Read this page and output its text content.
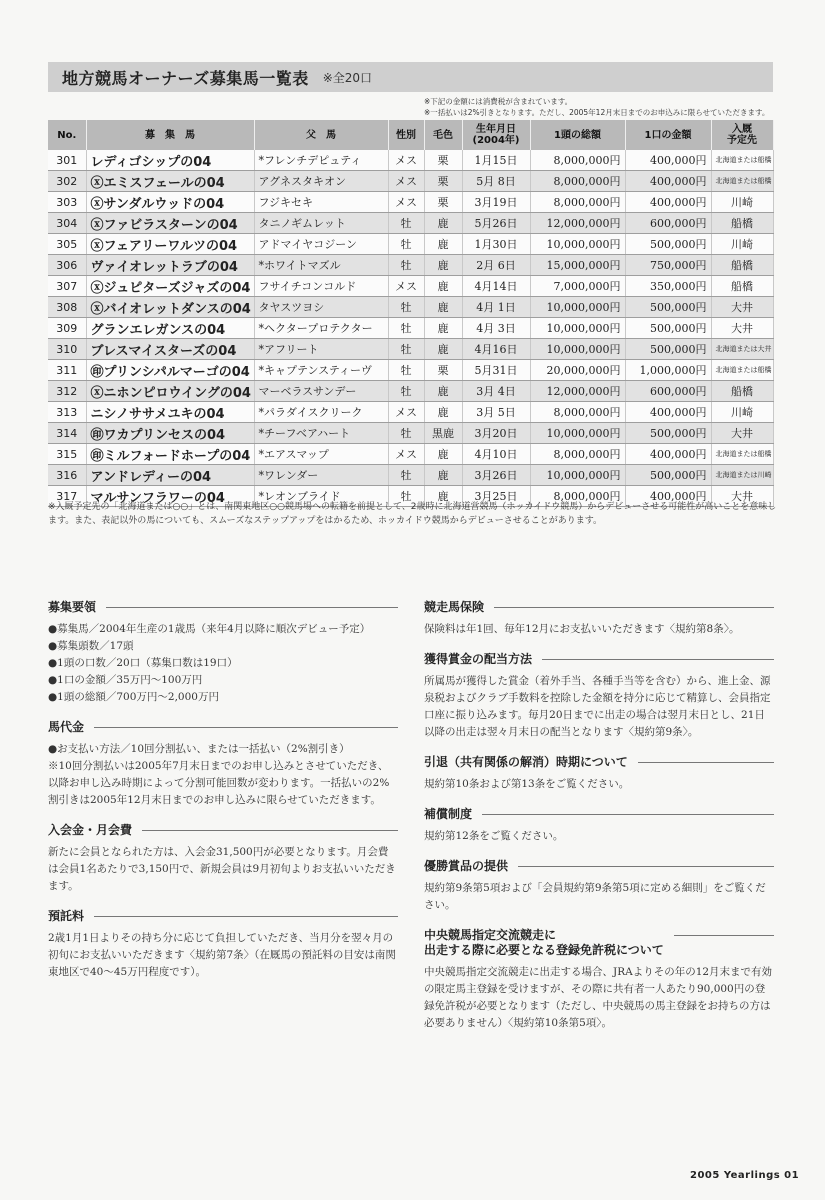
地方競馬オーナーズ募集馬一覧表 ※全20口
※下記の金額には消費税が含まれています。
※一括払いは2%引きとなります。ただし、2005年12月末日までのお申込みに限らせていただきます。
No.	募　集　馬	父　馬	性別	毛色	生年月日
(2004年)	1頭の総額	1口の金額	入厩
予定先
301	レディゴシップの04	*フレンチデピュティ	メス	栗	1月15日	8,000,000円	400,000円	北海道または船橋
302	ⓧエミスフェールの04	アグネスタキオン	メス	栗	5月 8日	8,000,000円	400,000円	北海道または船橋
303	ⓧサンダルウッドの04	フジキセキ	メス	栗	3月19日	8,000,000円	400,000円	川崎
304	ⓧファビラスターンの04	タニノギムレット	牡	鹿	5月26日	12,000,000円	600,000円	船橋
305	ⓧフェアリーワルツの04	アドマイヤコジーン	牡	鹿	1月30日	10,000,000円	500,000円	川崎
306	ヴァイオレットラブの04	*ホワイトマズル	牡	鹿	2月 6日	15,000,000円	750,000円	船橋
307	ⓧジュピターズジャズの04	フサイチコンコルド	メス	鹿	4月14日	7,000,000円	350,000円	船橋
308	ⓧバイオレットダンスの04	タヤスツヨシ	牡	鹿	4月 1日	10,000,000円	500,000円	大井
309	グランエレガンスの04	*ヘクタープロテクター	牡	鹿	4月 3日	10,000,000円	500,000円	大井
310	ブレスマイスターズの04	*アフリート	牡	鹿	4月16日	10,000,000円	500,000円	北海道または大井
311	㊞プリンシパルマーゴの04	*キャプテンスティーヴ	牡	栗	5月31日	20,000,000円	1,000,000円	北海道または船橋
312	ⓧニホンピロウイングの04	マーベラスサンデー	牡	鹿	3月 4日	12,000,000円	600,000円	船橋
313	ニシノササメユキの04	*パラダイスクリーク	メス	鹿	3月 5日	8,000,000円	400,000円	川崎
314	㊞ワカプリンセスの04	*チーフベアハート	牡	黒鹿	3月20日	10,000,000円	500,000円	大井
315	㊞ミルフォードホープの04	*エアスマップ	メス	鹿	4月10日	8,000,000円	400,000円	北海道または船橋
316	アンドレディーの04	*ワレンダー	牡	鹿	3月26日	10,000,000円	500,000円	北海道または川崎
317	マルサンフラワーの04	*レオンブライド	牡	鹿	3月25日	8,000,000円	400,000円	大井
※入厩予定先の「北海道または○○」とは、南関東地区○○競馬場への転籍を前提として、2歳時に北海道営競馬（ホッカイドウ競馬）からデビューさせる可能性が高いことを意味します。また、表記以外の馬についても、スムーズなステップアップをはかるため、ホッカイドウ競馬からデビューさせることがあります。
募集要領

●募集馬／2004年生産の1歳馬（来年4月以降に順次デビュー予定）

●募集頭数／17頭

●1頭の口数／20口（募集口数は19口）

●1口の金額／35万円〜100万円

●1頭の総額／700万円〜2,000万円

馬代金

●お支払い方法／10回分割払い、または一括払い（2%割引き）

※10回分割払いは2005年7月末日までのお申し込みとさせていただき、以降お申し込み時期によって分割可能回数が変わります。一括払いの2%割引きは2005年12月末日までのお申し込みに限らせていただきます。

入会金・月会費

新たに会員となられた方は、入会金31,500円が必要となります。月会費は会員1名あたりで3,150円で、新規会員は9月初旬よりお支払いいただきます。

預託料

2歳1月1日よりその持ち分に応じて負担していただき、当月分を翌々月の初旬にお支払いいただきます〈規約第7条〉（在厩馬の預託料の目安は南関東地区で40〜45万円程度です）。

競走馬保険

保険料は年1回、毎年12月にお支払いいただきます〈規約第8条〉。

獲得賞金の配当方法

所属馬が獲得した賞金（着外手当、各種手当等を含む）から、進上金、源泉税およびクラブ手数料を控除した金額を持分に応じて精算し、会員指定口座に振り込みます。毎月20日までに出走の場合は翌月末日とし、21日以降の出走は翌々月末日の配当となります〈規約第9条〉。

引退（共有関係の解消）時期について

規約第10条および第13条をご覧ください。

補償制度

規約第12条をご覧ください。

優勝賞品の提供

規約第9条第5項および「会員規約第9条第5項に定める細則」をご覧ください。

中央競馬指定交流競走に
出走する際に必要となる登録免許税について

中央競馬指定交流競走に出走する場合、JRAよりその年の12月末まで有効の限定馬主登録を受けますが、その際に共有者一人あたり90,000円の登録免許税が必要となります（ただし、中央競馬の馬主登録をお持ちの方は必要ありません）〈規約第10条第5項〉。

2005 Yearlings 01
